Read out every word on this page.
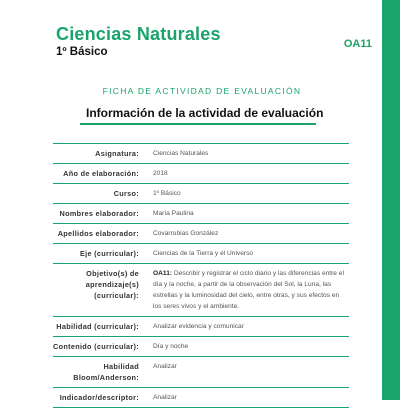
Ciencias Naturales
1º Básico
OA11
FICHA DE ACTIVIDAD DE EVALUACIÓN
Información de la actividad de evaluación
Asignatura:	Ciencias Naturales
Año de elaboración:	2018
Curso:	1º Básico
Nombres elaborador:	María Paulina
Apellidos elaborador:	Covarrubias González
Eje (curricular):	Ciencias de la Tierra y el Universo
Objetivo(s) de aprendizaje(s) (curricular):	OA11: Describir y registrar el ciclo diario y las diferencias entre el día y la noche, a partir de la observación del Sol, la Luna, las estrellas y la luminosidad del cielo, entre otras, y sus efectos en los seres vivos y el ambiente.
Habilidad (curricular):	Analizar evidencia y comunicar
Contenido (curricular):	Día y noche
Habilidad Bloom/Anderson:	Analizar
Indicador/descriptor:	Analizar
